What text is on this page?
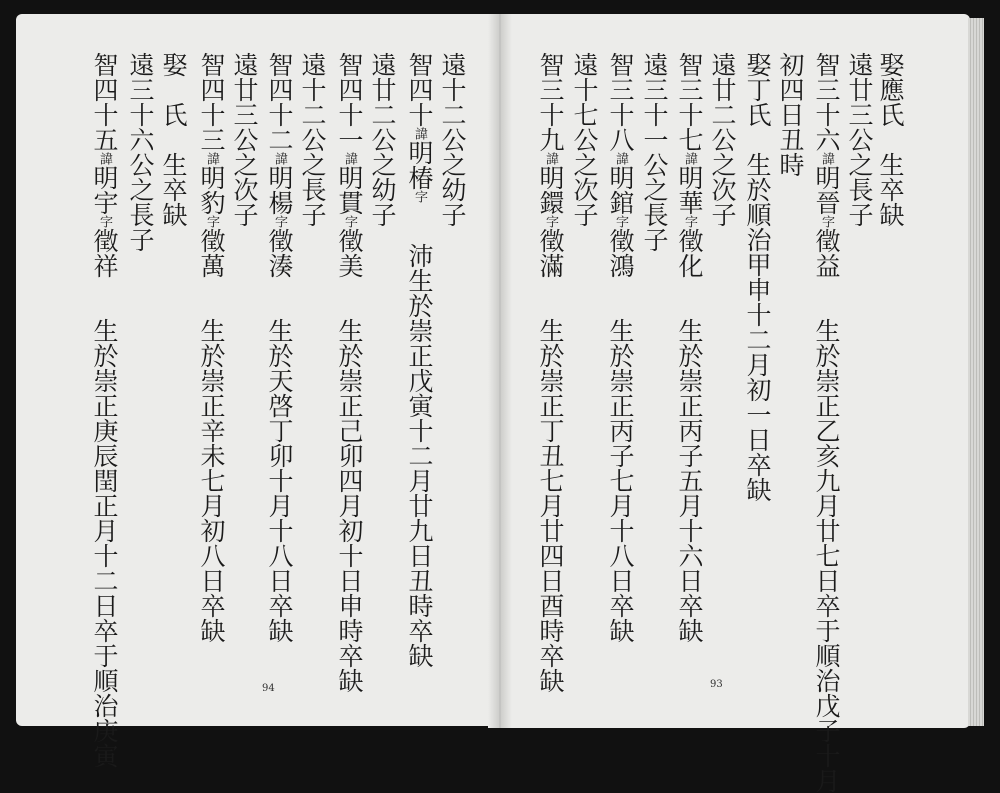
94	93
遠十二公之幼子
智四十諱明椿字沛生於崇正戊寅十二月廿九日丑時卒缺
遠廿二公之幼子
智四十一諱明貫字徵美生於崇正己卯四月初十日申時卒缺
遠十二公之長子
智四十二諱明楊字徵湊生於天啓丁卯十月十八日卒缺
遠廿三公之次子
智四十三諱明豹字徵萬生於崇正辛未七月初八日卒缺
娶　氏　生卒缺
遠三十六公之長子
智四十五諱明宇字徵祥生於崇正庚辰閏正月十二日卒于順治庚寅
娶應氏　生卒缺
遠廿三公之長子
智三十六諱明晉字徵益生於崇正乙亥九月廿七日卒于順治戊子十月
初四日丑時
娶丁氏　生於順治甲申十二月初一日卒缺
遠廿二公之次子
智三十七諱明華字徵化生於崇正丙子五月十六日卒缺
遠三十一公之長子
智三十八諱明錧字徵鴻生於崇正丙子七月十八日卒缺
遠十七公之次子
智三十九諱明鐶字徵滿生於崇正丁丑七月廿四日酉時卒缺
